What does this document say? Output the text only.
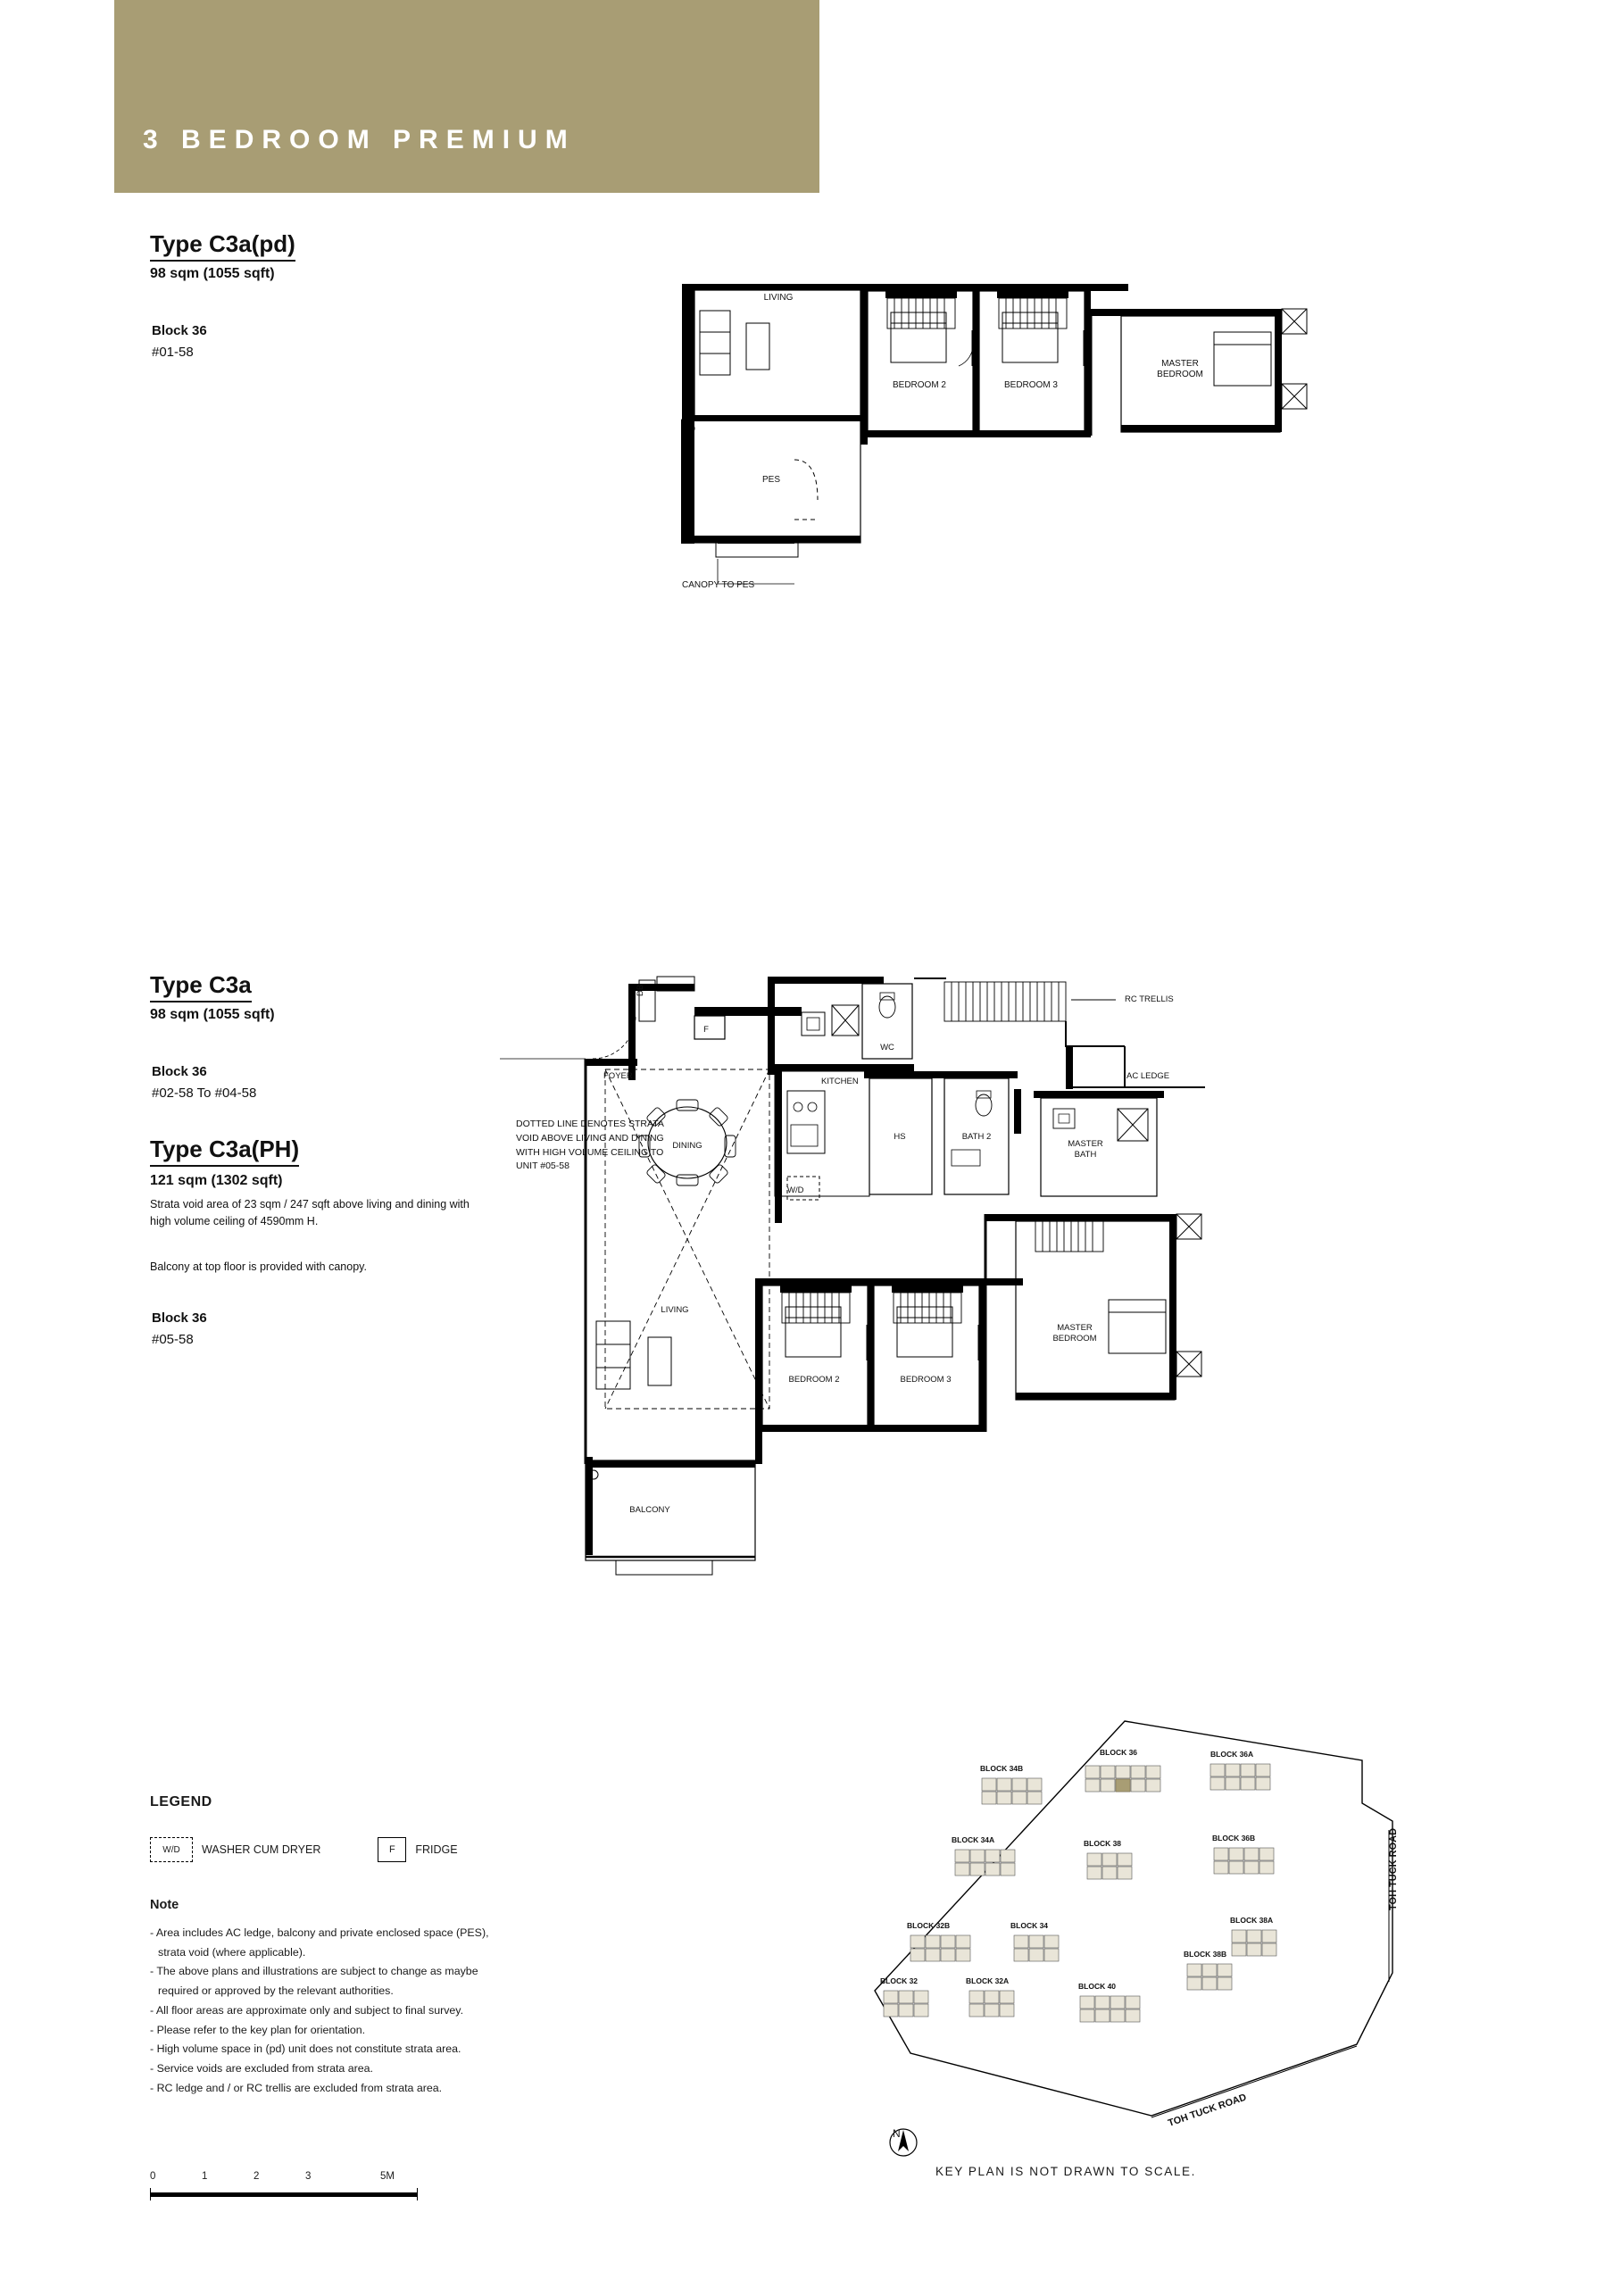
3 BEDROOM PREMIUM
Type C3a(pd)
98 sqm (1055 sqft)
Block 36
#01-58
Type C3a
98 sqm (1055 sqft)
Block 36
#02-58 To #04-58
Type C3a(PH)
121 sqm (1302 sqft)
Strata void area of 23 sqm / 247 sqft above living and dining with high volume ceiling of 4590mm H.
Balcony at top floor is provided with canopy.
Block 36
#05-58
LIVING
BEDROOM 2	BEDROOM 3
MASTER
BEDROOM
PES
CANOPY TO PES
DB
FOYER
F
WC
RC TRELLIS
AC LEDGE
KITCHEN
HS
W/D
DINING
BATH 2
MASTER
BATH
LIVING
BEDROOM 2	BEDROOM 3
MASTER
BEDROOM
BALCONY
DOTTED LINE DENOTES STRATA VOID ABOVE LIVING AND DINING WITH HIGH VOLUME CEILING TO UNIT #05-58
LEGEND
W/D	WASHER CUM DRYER	F	FRIDGE
Note
- Area includes AC ledge, balcony and private enclosed space (PES),
strata void (where applicable).
- The above plans and illustrations are subject to change as maybe
required or approved by the relevant authorities.
- All floor areas are approximate only and subject to final survey.
- Please refer to the key plan for orientation.
- High volume space in (pd) unit does not constitute strata area.
- Service voids are excluded from strata area.
- RC ledge and / or RC trellis are excluded from strata area.
0	1	2	3	5M
BLOCK 34B
BLOCK 36	BLOCK 36A
BLOCK 34A	BLOCK 38
BLOCK 36B
BLOCK 32B	BLOCK 34
BLOCK 38A
BLOCK 38B
BLOCK 32	BLOCK 32A
BLOCK 40
TOH TUCK ROAD
TOH TUCK ROAD
N
KEY PLAN IS NOT DRAWN TO SCALE.
